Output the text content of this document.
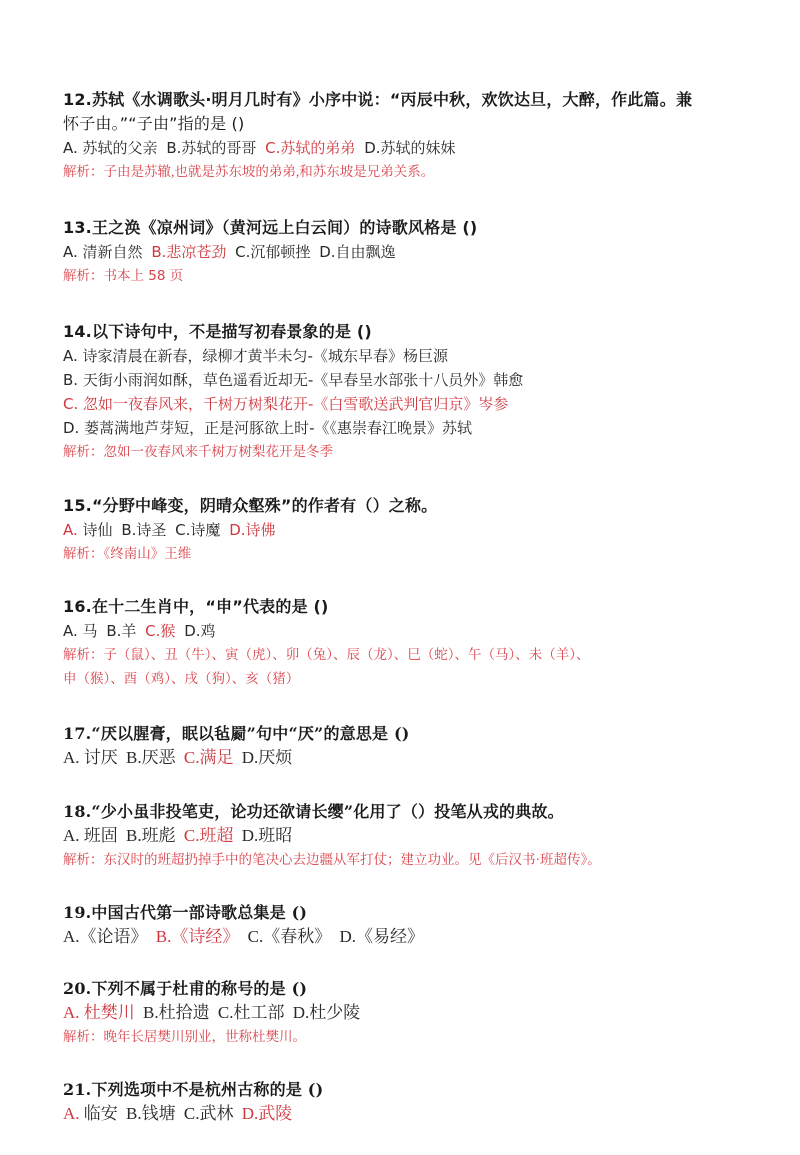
12.苏轼《水调歌头·明月几时有》小序中说：“丙辰中秋，欢饮达旦，大醉，作此篇。兼
怀子由。”“子由”指的是 ()
A. 苏轼的父亲 B.苏轼的哥哥 C.苏轼的弟弟 D.苏轼的妹妹
解析：子由是苏辙,也就是苏东坡的弟弟,和苏东坡是兄弟关系。
13.王之涣《凉州词》（黄河远上白云间）的诗歌风格是 ()
A. 清新自然 B.悲凉苍劲 C.沉郁顿挫 D.自由飘逸
解析：书本上 58 页
14.以下诗句中，不是描写初春景象的是 ()
A. 诗家清晨在新春，绿柳才黄半未匀-《城东早春》杨巨源
B. 天街小雨润如酥，草色遥看近却无-《早春呈水部张十八员外》韩愈
C. 忽如一夜春风来，千树万树梨花开-《白雪歌送武判官归京》岑参
D. 蒌蒿满地芦芽短，正是河豚欲上时-《《惠崇春江晚景》苏轼
解析：忽如一夜春风来千树万树梨花开是冬季
15.“分野中峰变，阴晴众壑殊”的作者有（）之称。
A. 诗仙 B.诗圣 C.诗魔 D.诗佛
解析：《终南山》王维
16.在十二生肖中，“申”代表的是 ()
A. 马 B.羊 C.猴 D.鸡
解析：子（鼠）、丑（牛）、寅（虎）、卯（兔）、辰（龙）、巳（蛇）、午（马）、未（羊）、
申（猴）、酉（鸡）、戌（狗）、亥（猪）
17.“厌以腥膏，眠以毡罽”句中“厌”的意思是 ()
A. 讨厌 B.厌恶 C.满足 D.厌烦
18.“少小虽非投笔吏，论功还欲请长缨”化用了（）投笔从戎的典故。
A. 班固 B.班彪 C.班超 D.班昭
解析：东汉时的班超扔掉手中的笔决心去边疆从军打仗；建立功业。见《后汉书·班超传》。
19.中国古代第一部诗歌总集是 ()
A.《论语》 B.《诗经》 C.《春秋》 D.《易经》
20.下列不属于杜甫的称号的是 ()
A. 杜樊川 B.杜拾遗 C.杜工部 D.杜少陵
解析：晚年长居樊川别业，世称杜樊川。
21.下列选项中不是杭州古称的是 ()
A. 临安 B.钱塘 C.武林 D.武陵
